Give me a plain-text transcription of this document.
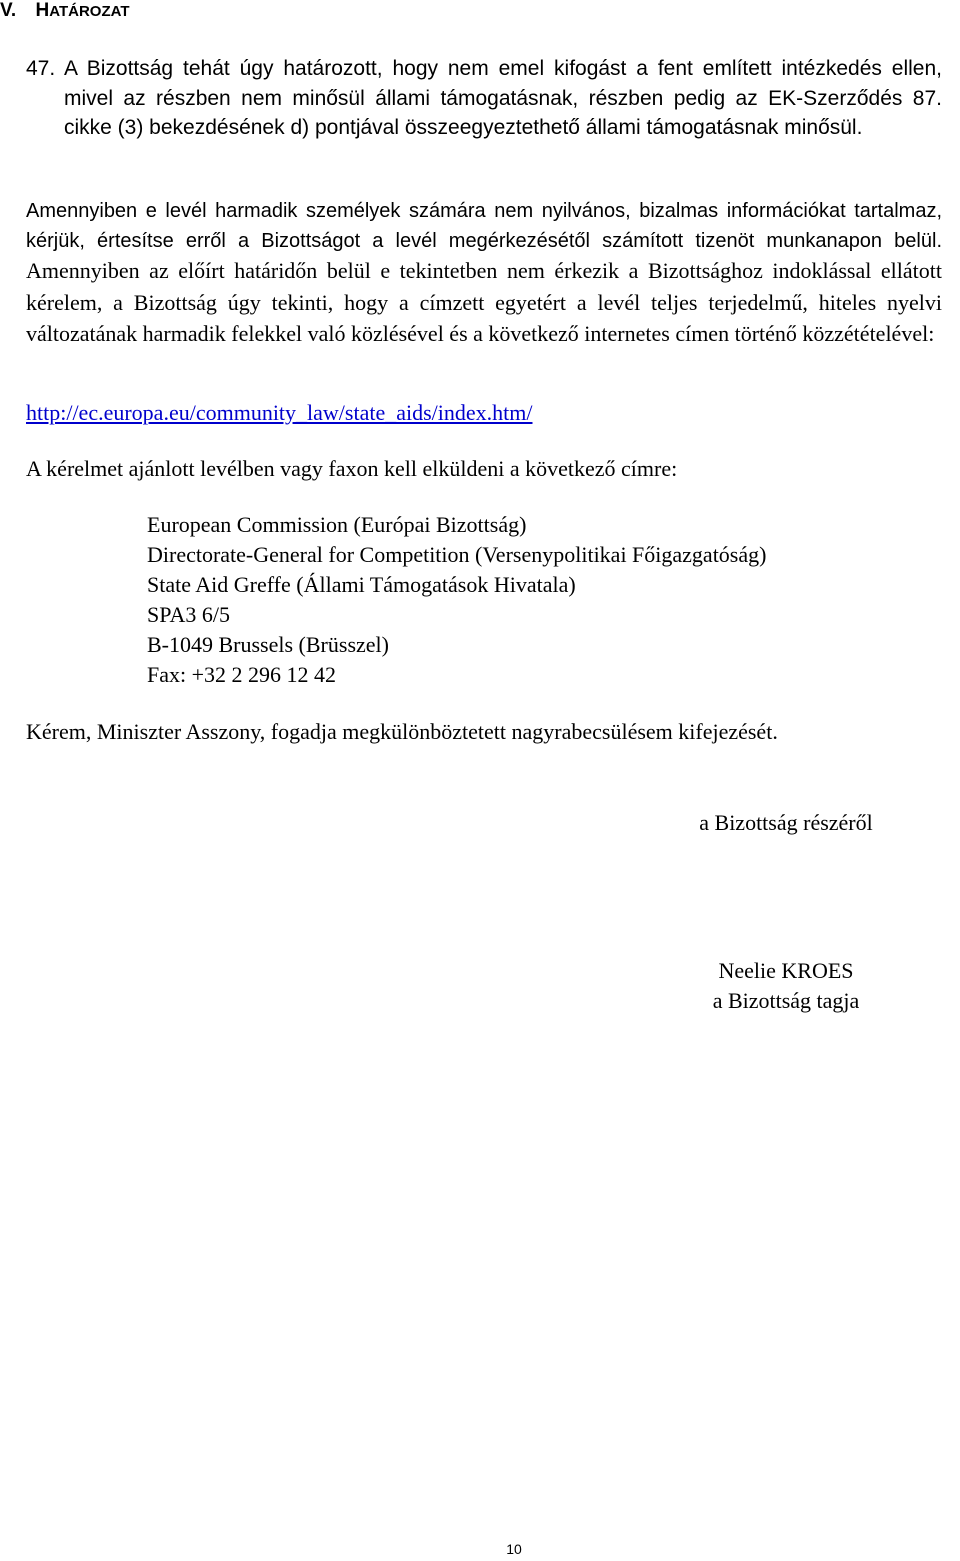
V. HATÁROZAT
47. A Bizottság tehát úgy határozott, hogy nem emel kifogást a fent említett intézkedés ellen, mivel az részben nem minősül állami támogatásnak, részben pedig az EK-Szerződés 87. cikke (3) bekezdésének d) pontjával összeegyeztethető állami támogatásnak minősül.
Amennyiben e levél harmadik személyek számára nem nyilvános, bizalmas információkat tartalmaz, kérjük, értesítse erről a Bizottságot a levél megérkezésétől számított tizenöt munkanapon belül. Amennyiben az előírt határidőn belül e tekintetben nem érkezik a Bizottsághoz indoklással ellátott kérelem, a Bizottság úgy tekinti, hogy a címzett egyetért a levél teljes terjedelmű, hiteles nyelvi változatának harmadik felekkel való közlésével és a következő internetes címen történő közzétételével:
http://ec.europa.eu/community_law/state_aids/index.htm/
A kérelmet ajánlott levélben vagy faxon kell elküldeni a következő címre:
European Commission (Európai Bizottság)
Directorate-General for Competition (Versenypolitikai Főigazgatóság)
State Aid Greffe (Állami Támogatások Hivatala)
SPA3 6/5
B-1049 Brussels (Brüsszel)
Fax: +32 2 296 12 42
Kérem, Miniszter Asszony, fogadja megkülönböztetett nagyrabecsülésem kifejezését.
a Bizottság részéről
Neelie KROES
a Bizottság tagja
10
